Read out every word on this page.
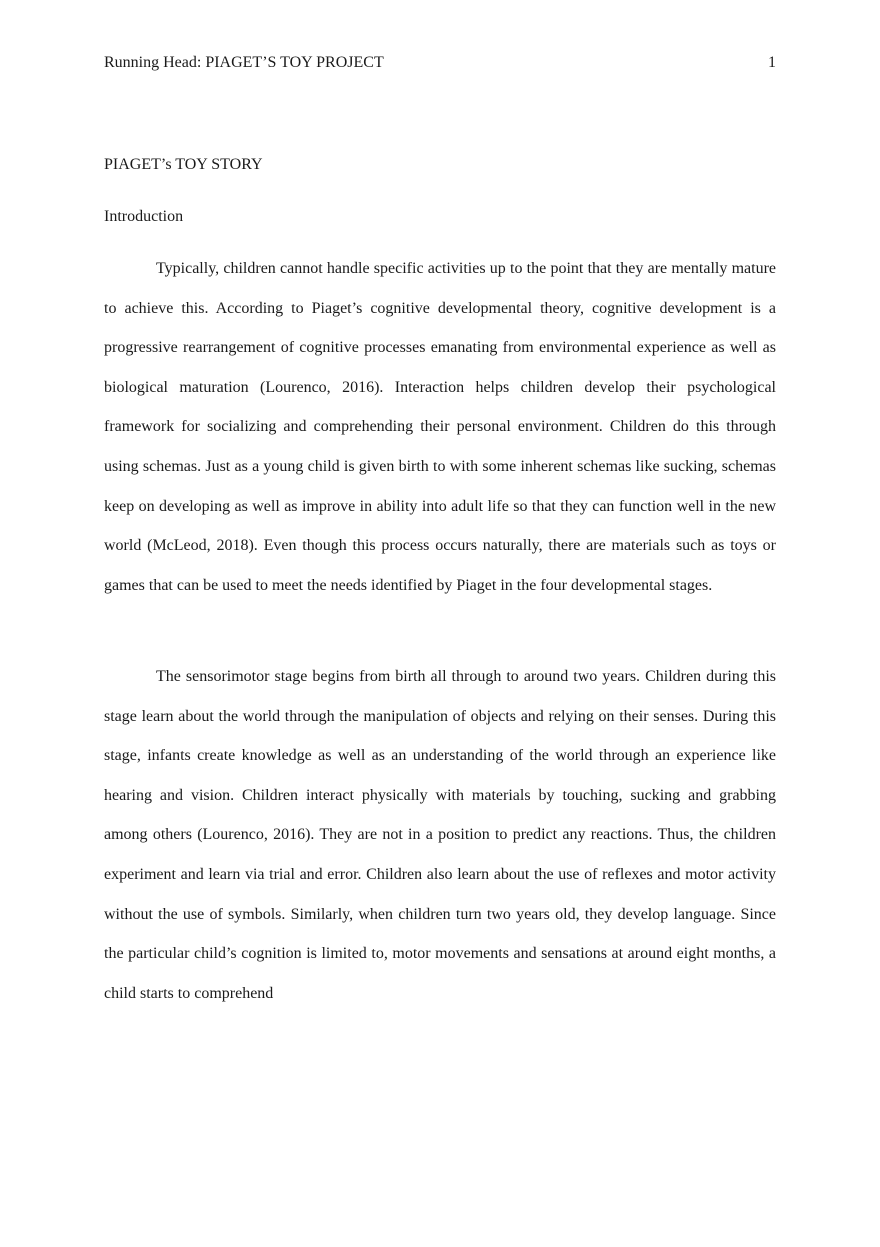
Running Head: PIAGET’S TOY PROJECT	1
PIAGET’s TOY STORY
Introduction

Typically, children cannot handle specific activities up to the point that they are mentally mature to achieve this. According to Piaget’s cognitive developmental theory, cognitive development is a progressive rearrangement of cognitive processes emanating from environmental experience as well as biological maturation (Lourenco, 2016). Interaction helps children develop their psychological framework for socializing and comprehending their personal environment. Children do this through using schemas. Just as a young child is given birth to with some inherent schemas like sucking, schemas keep on developing as well as improve in ability into adult life so that they can function well in the new world (McLeod, 2018). Even though this process occurs naturally, there are materials such as toys or games that can be used to meet the needs identified by Piaget in the four developmental stages.

The sensorimotor stage begins from birth all through to around two years. Children during this stage learn about the world through the manipulation of objects and relying on their senses. During this stage, infants create knowledge as well as an understanding of the world through an experience like hearing and vision. Children interact physically with materials by touching, sucking and grabbing among others (Lourenco, 2016). They are not in a position to predict any reactions. Thus, the children experiment and learn via trial and error. Children also learn about the use of reflexes and motor activity without the use of symbols. Similarly, when children turn two years old, they develop language. Since the particular child’s cognition is limited to, motor movements and sensations at around eight months, a child starts to comprehend
